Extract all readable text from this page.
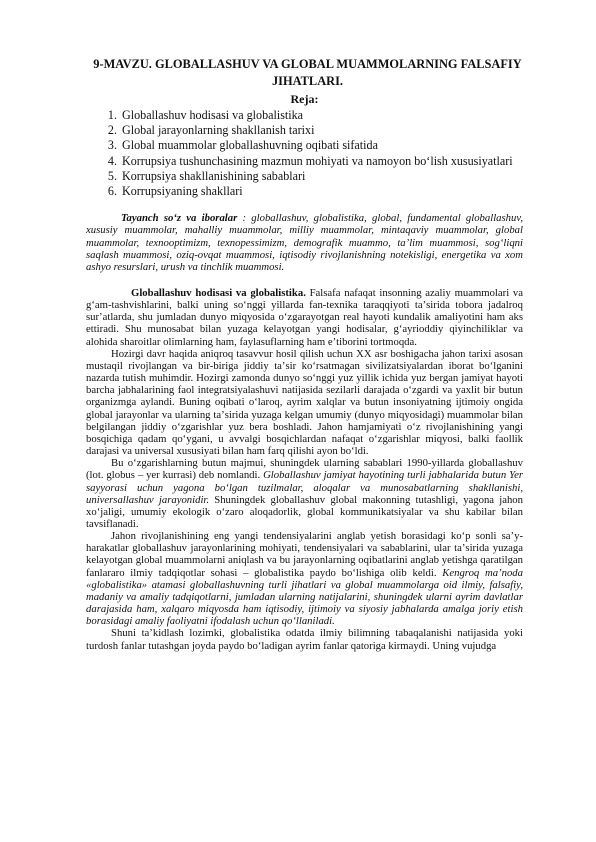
9-MAVZU. GLOBALLASHUV VA GLOBAL MUAMMOLARNING FALSAFIY JIHATLARI.
Reja:
1. Globallashuv hodisasi va globalistika
2. Global jarayonlarning shakllanish tarixi
3. Global muammolar globallashuvning oqibati sifatida
4. Korrupsiya tushunchasining mazmun mohiyati va namoyon boʻlish xususiyatlari
5. Korrupsiya shakllanishining sabablari
6. Korrupsiyaning shakllari

Tayanch soʻz va iboralar : globallashuv, globalistika, global, fundamental globallashuv, xususiy muammolar, mahalliy muammolar, milliy muammolar, mintaqaviy muammolar, global muammolar, texnooptimizm, texnopessimizm, demografik muammo, taʼlim muammosi, sogʻliqni saqlash muammosi, oziq-ovqat muammosi, iqtisodiy rivojlanishning notekisligi, energetika va xom ashyo resurslari, urush va tinchlik muammosi.

Globallashuv hodisasi va globalistika. Falsafa nafaqat insonning azaliy muammolari va gʻam-tashvishlarini, balki uning soʻnggi yillarda fan-texnika taraqqiyoti taʼsirida tobora jadalroq surʼatlarda, shu jumladan dunyo miqyosida oʻzgarayotgan real hayoti kundalik amaliyotini ham aks ettiradi. Shu munosabat bilan yuzaga kelayotgan yangi hodisalar, gʻayrioddiy qiyinchiliklar va alohida sharoitlar olimlarning ham, faylasuflarning ham eʼtiborini tortmoqda.

Hozirgi davr haqida aniqroq tasavvur hosil qilish uchun XX asr boshigacha jahon tarixi asosan mustaqil rivojlangan va bir-biriga jiddiy taʼsir koʻrsatmagan sivilizatsiyalardan iborat boʻlganini nazarda tutish muhimdir. Hozirgi zamonda dunyo soʻnggi yuz yillik ichida yuz bergan jamiyat hayoti barcha jabhalarining faol integratsiyalashuvi natijasida sezilarli darajada oʻzgardi va yaxlit bir butun organizmga aylandi. Buning oqibati oʻlaroq, ayrim xalqlar va butun insoniyatning ijtimoiy ongida global jarayonlar va ularning taʼsirida yuzaga kelgan umumiy (dunyo miqyosidagi) muammolar bilan belgilangan jiddiy oʻzgarishlar yuz bera boshladi. Jahon hamjamiyati oʻz rivojlanishining yangi bosqichiga qadam qoʻygani, u avvalgi bosqichlardan nafaqat oʻzgarishlar miqyosi, balki faollik darajasi va universal xususiyati bilan ham farq qilishi ayon boʻldi.

Bu oʻzgarishlarning butun majmui, shuningdek ularning sabablari 1990-yillarda globallashuv (lot. globus – yer kurrasi) deb nomlandi. Globallashuv jamiyat hayotining turli jabhalarida butun Yer sayyorasi uchun yagona boʻlgan tuzilmalar, aloqalar va munosabatlarning shakllanishi, universallashuv jarayonidir. Shuningdek globallashuv global makonning tutashligi, yagona jahon xoʻjaligi, umumiy ekologik oʻzaro aloqadorlik, global kommunikatsiyalar va shu kabilar bilan tavsiflanadi.

Jahon rivojlanishining eng yangi tendensiyalarini anglab yetish borasidagi koʻp sonli saʼy-harakatlar globallashuv jarayonlarining mohiyati, tendensiyalari va sabablarini, ular taʼsirida yuzaga kelayotgan global muammolarni aniqlash va bu jarayonlarning oqibatlarini anglab yetishga qaratilgan fanlararo ilmiy tadqiqotlar sohasi – globalistika paydo boʻlishiga olib keldi. Kengroq maʼnoda «globalistika» atamasi globallashuvning turli jihatlari va global muammolarga oid ilmiy, falsafiy, madaniy va amaliy tadqiqotlarni, jumladan ularning natijalarini, shuningdek ularni ayrim davlatlar darajasida ham, xalqaro miqyosda ham iqtisodiy, ijtimoiy va siyosiy jabhalarda amalga joriy etish borasidagi amaliy faoliyatni ifodalash uchun qoʻllaniladi.

Shuni taʼkidlash lozimki, globalistika odatda ilmiy bilimning tabaqalanishi natijasida yoki turdosh fanlar tutashgan joyda paydo boʻladigan ayrim fanlar qatoriga kirmaydi. Uning vujudga
